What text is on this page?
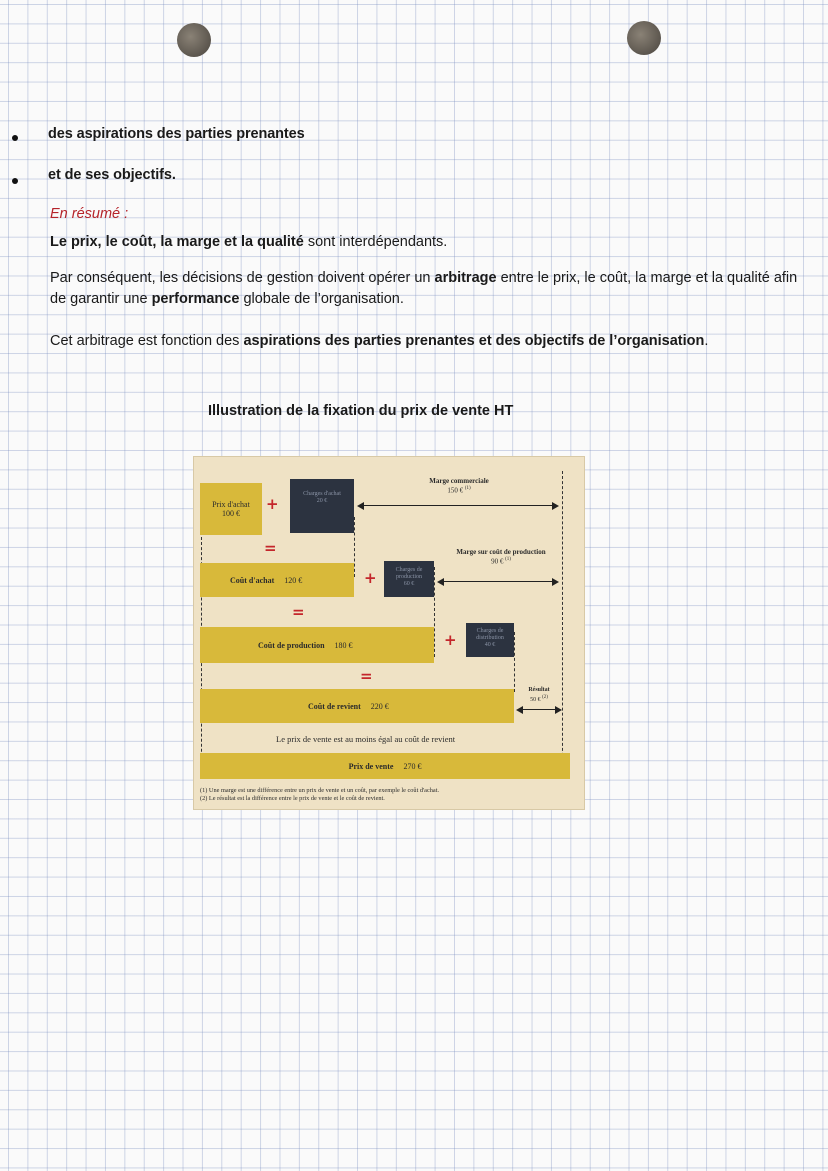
des aspirations des parties prenantes
et de ses objectifs.
En résumé :
Le prix, le coût, la marge et la qualité sont interdépendants.
Par conséquent, les décisions de gestion doivent opérer un arbitrage entre le prix, le coût, la marge et la qualité afin de garantir une performance globale de l’organisation.
Cet arbitrage est fonction des aspirations des parties prenantes et des objectifs de l’organisation.
Illustration de la fixation du prix de vente HT
Prix d'achat
100 €
+
Charges d'achat
20 €
Marge commerciale
150 € $^{(1)}$
=
Coût d'achat 120 €	+	Charges de production
60 €
Marge sur coût de production
90 € $^{(1)}$
=
Coût de production 180 €	+	Charges de distribution
40 €
=
Coût de revient 220 €
Résultat
50 € $^{(2)}$
Le prix de vente est au moins égal au coût de revient
Prix de vente 270 €
(1) Une marge est une différence entre un prix de vente et un coût, par exemple le coût d'achat.
(2) Le résultat est la différence entre le prix de vente et le coût de revient.
